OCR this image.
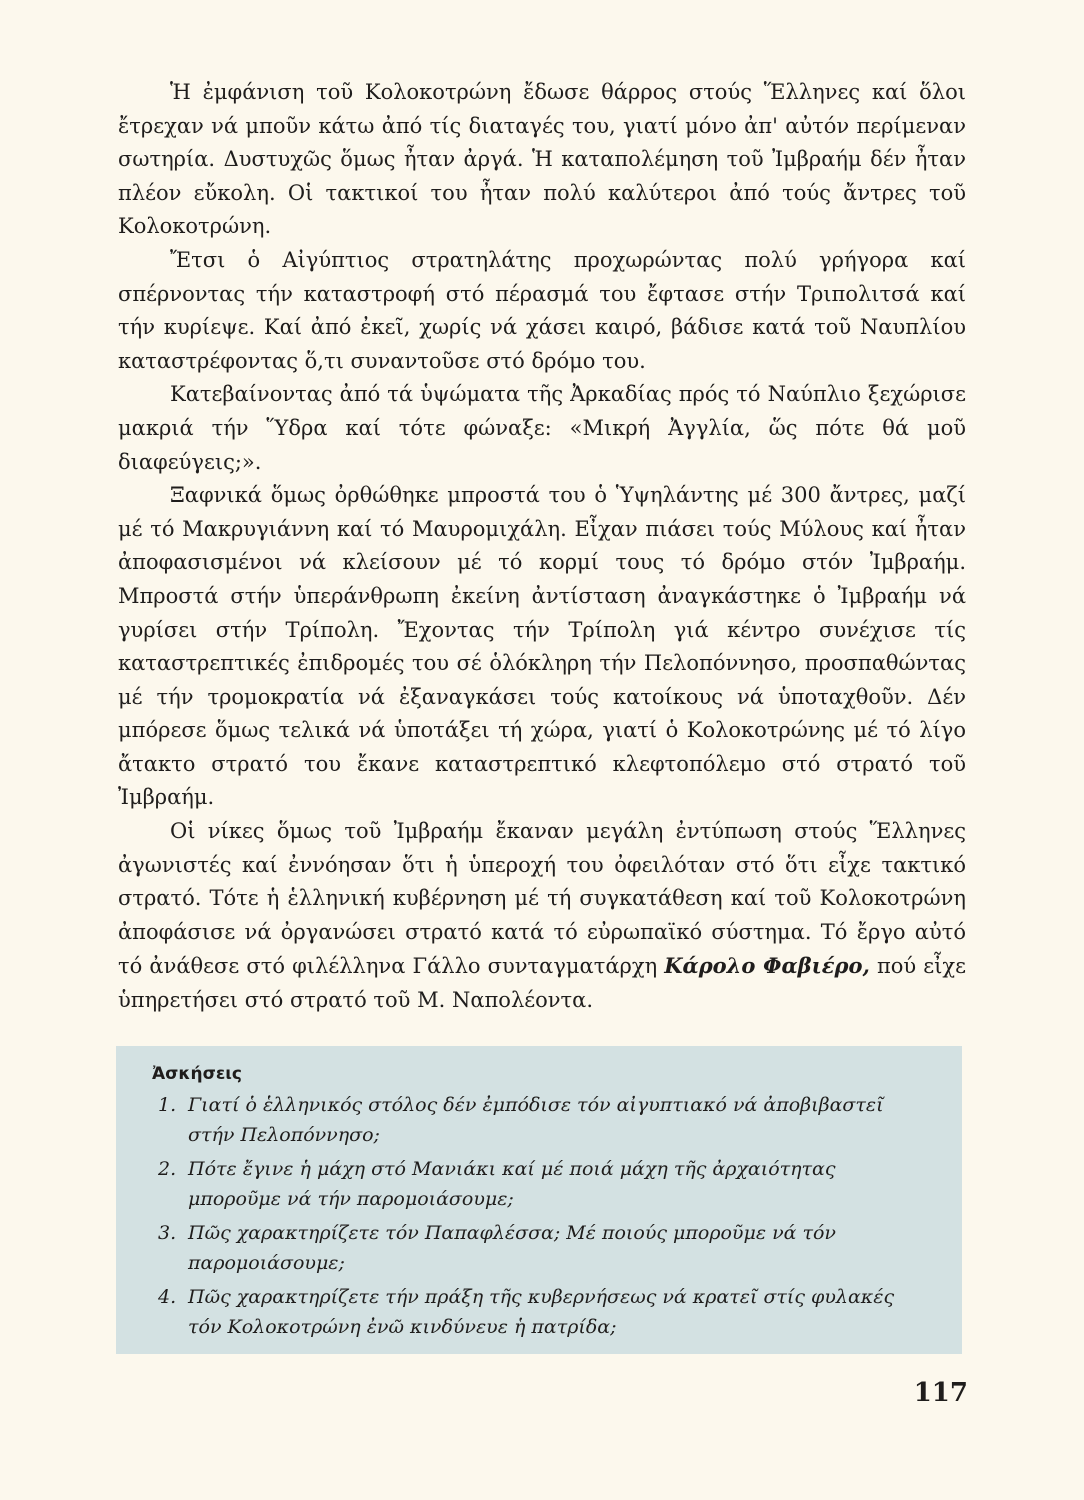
Ἡ ἐμφάνιση τοῦ Κολοκοτρώνη ἔδωσε θάρρος στούς Ἕλληνες καί ὅλοι ἔτρεχαν νά μποῦν κάτω ἀπό τίς διαταγές του, γιατί μόνο ἀπ' αὐτόν περίμεναν σωτηρία. Δυστυχῶς ὅμως ἦταν ἀργά. Ἡ καταπολέμηση τοῦ Ἰμβραήμ δέν ἦταν πλέον εὔκολη. Οἱ τακτικοί του ἦταν πολύ καλύτεροι ἀπό τούς ἄντρες τοῦ Κολοκοτρώνη.

Ἔτσι ὁ Αἰγύπτιος στρατηλάτης προχωρώντας πολύ γρήγορα καί σπέρνοντας τήν καταστροφή στό πέρασμά του ἔφτασε στήν Τριπολιτσά καί τήν κυρίεψε. Καί ἀπό ἐκεῖ, χωρίς νά χάσει καιρό, βάδισε κατά τοῦ Ναυπλίου καταστρέφοντας ὅ,τι συναντοῦσε στό δρόμο του.

Κατεβαίνοντας ἀπό τά ὑψώματα τῆς Ἀρκαδίας πρός τό Ναύπλιο ξεχώρισε μακριά τήν Ὕδρα καί τότε φώναξε: «Μικρή Ἀγγλία, ὥς πότε θά μοῦ διαφεύγεις;».

Ξαφνικά ὅμως ὀρθώθηκε μπροστά του ὁ Ὑψηλάντης μέ 300 ἄντρες, μαζί μέ τό Μακρυγιάννη καί τό Μαυρομιχάλη. Εἶχαν πιάσει τούς Μύλους καί ἦταν ἀποφασισμένοι νά κλείσουν μέ τό κορμί τους τό δρόμο στόν Ἰμβραήμ. Μπροστά στήν ὑπεράνθρωπη ἐκείνη ἀντίσταση ἀναγκάστηκε ὁ Ἰμβραήμ νά γυρίσει στήν Τρίπολη. Ἔχοντας τήν Τρίπολη γιά κέντρο συνέχισε τίς καταστρεπτικές ἐπιδρομές του σέ ὁλόκληρη τήν Πελοπόννησο, προσπαθώντας μέ τήν τρομοκρατία νά ἐξαναγκάσει τούς κατοίκους νά ὑποταχθοῦν. Δέν μπόρεσε ὅμως τελικά νά ὑποτάξει τή χώρα, γιατί ὁ Κολοκοτρώνης μέ τό λίγο ἄτακτο στρατό του ἔκανε καταστρεπτικό κλεφτοπόλεμο στό στρατό τοῦ Ἰμβραήμ.

Οἱ νίκες ὅμως τοῦ Ἰμβραήμ ἔκαναν μεγάλη ἐντύπωση στούς Ἕλληνες ἀγωνιστές καί ἐννόησαν ὅτι ἡ ὑπεροχή του ὀφειλόταν στό ὅτι εἶχε τακτικό στρατό. Τότε ἡ ἑλληνική κυβέρνηση μέ τή συγκατάθεση καί τοῦ Κολοκοτρώνη ἀποφάσισε νά ὀργανώσει στρατό κατά τό εὐρωπαϊκό σύστημα. Τό ἔργο αὐτό τό ἀνάθεσε στό φιλέλληνα Γάλλο συνταγματάρχη Κάρολο Φαβιέρο, πού εἶχε ὑπηρετήσει στό στρατό τοῦ Μ. Ναπολέοντα.

Ἀσκήσεις
1. Γιατί ὁ ἑλληνικός στόλος δέν ἐμπόδισε τόν αἰγυπτιακό νά ἀποβιβαστεῖ στήν Πελοπόννησο;
2. Πότε ἔγινε ἡ μάχη στό Μανιάκι καί μέ ποιά μάχη τῆς ἀρχαιότητας μποροῦμε νά τήν παρομοιάσουμε;
3. Πῶς χαρακτηρίζετε τόν Παπαφλέσσα; Μέ ποιούς μποροῦμε νά τόν παρομοιάσουμε;
4. Πῶς χαρακτηρίζετε τήν πράξη τῆς κυβερνήσεως νά κρατεῖ στίς φυλακές τόν Κολοκοτρώνη ἐνῶ κινδύνευε ἡ πατρίδα;
117
